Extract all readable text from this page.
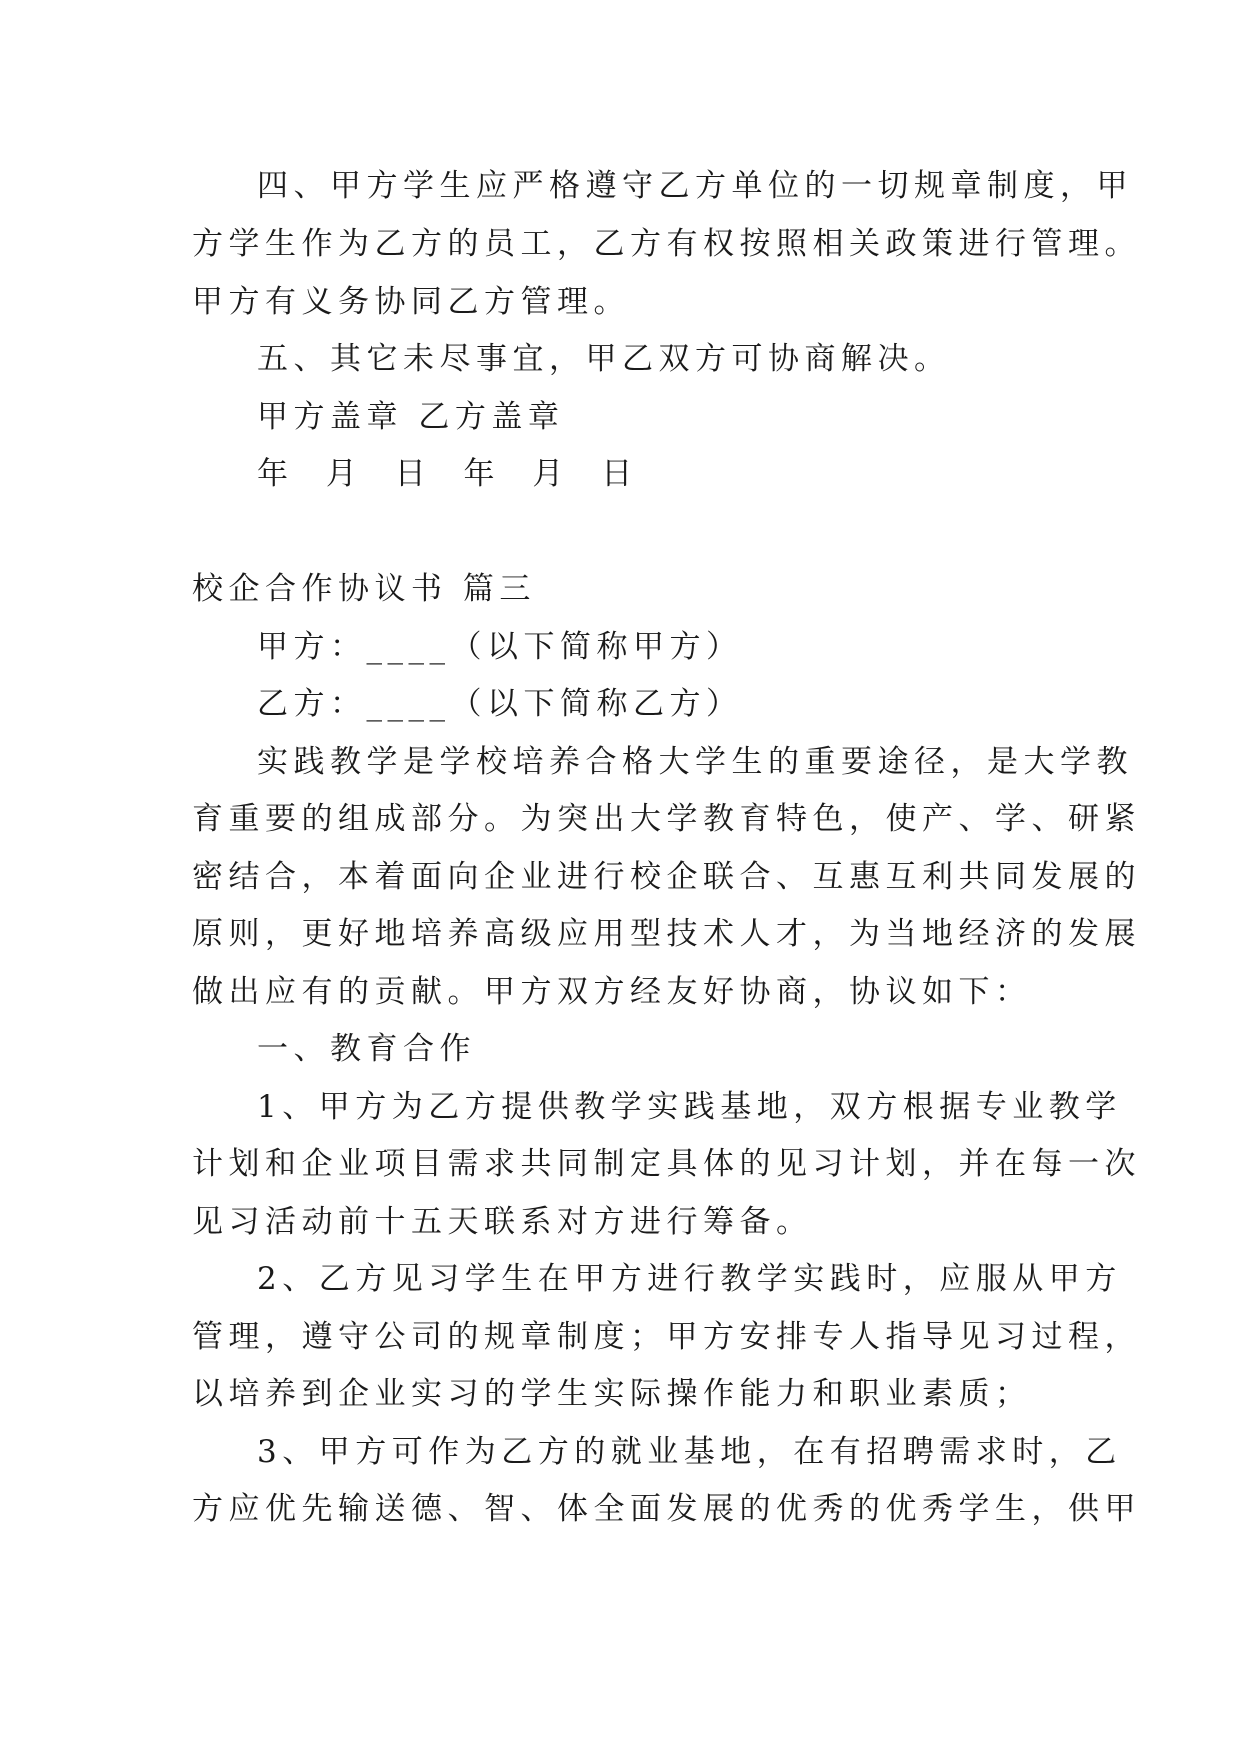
四、甲方学生应严格遵守乙方单位的一切规章制度，甲

方学生作为乙方的员工，乙方有权按照相关政策进行管理。

甲方有义务协同乙方管理。

五、其它未尽事宜，甲乙双方可协商解决。

甲方盖章 乙方盖章

年 月 日 年 月 日

校企合作协议书 篇三

甲方：____（以下简称甲方）

乙方：____（以下简称乙方）

实践教学是学校培养合格大学生的重要途径，是大学教

育重要的组成部分。为突出大学教育特色，使产、学、研紧

密结合，本着面向企业进行校企联合、互惠互利共同发展的

原则，更好地培养高级应用型技术人才，为当地经济的发展

做出应有的贡献。甲方双方经友好协商，协议如下：

一、教育合作

1、甲方为乙方提供教学实践基地，双方根据专业教学

计划和企业项目需求共同制定具体的见习计划，并在每一次

见习活动前十五天联系对方进行筹备。

2、乙方见习学生在甲方进行教学实践时，应服从甲方

管理，遵守公司的规章制度；甲方安排专人指导见习过程，

以培养到企业实习的学生实际操作能力和职业素质；

3、甲方可作为乙方的就业基地，在有招聘需求时，乙

方应优先输送德、智、体全面发展的优秀的优秀学生，供甲
